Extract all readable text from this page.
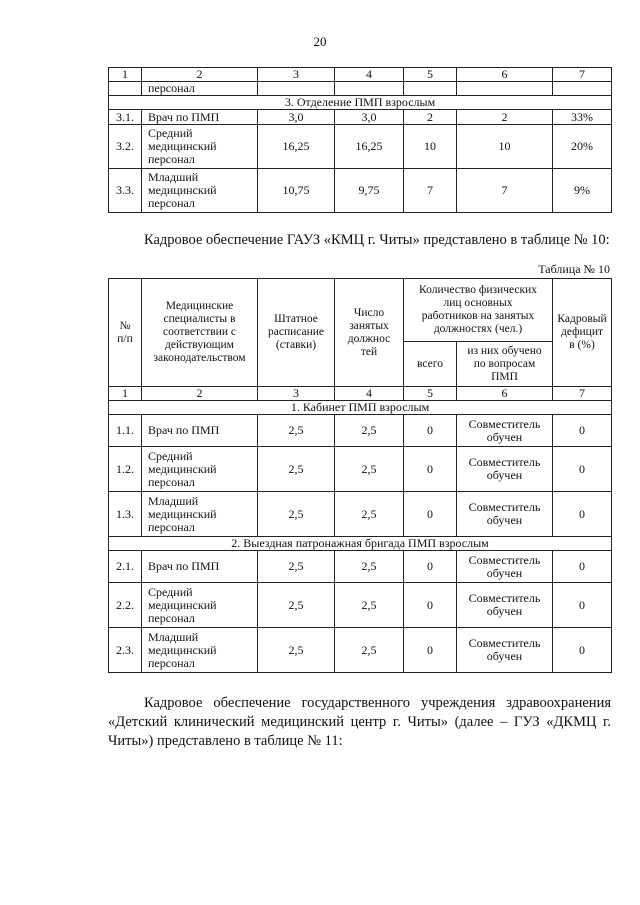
20
1	2	3	4	5	6	7
	персонал					
3. Отделение ПМП взрослым						
3.1.	Врач по ПМП	3,0	3,0	2	2	33%
3.2.	Средний
медицинский
персонал	16,25	16,25	10	10	20%
3.3.	Младший
медицинский
персонал	10,75	9,75	7	7	9%

Кадровое обеспечение ГАУЗ «КМЦ г. Читы» представлено в таблице № 10:

Таблица № 10
№
п/п	Медицинские
специалисты в
соответствии с
действующим
законодательством	Штатное
расписание
(ставки)	Число
занятых
должнос
тей	Количество физических
лиц основных
работников на занятых
должностях (чел.)		Кадровый
дефицит
в (%)
				всего	из них обучено
по вопросам
ПМП	
1	2	3	4	5	6	7
1. Кабинет ПМП взрослым						
1.1.	Врач по ПМП	2,5	2,5	0	Совместитель
обучен	0
1.2.	Средний
медицинский
персонал	2,5	2,5	0	Совместитель
обучен	0
1.3.	Младший
медицинский
персонал	2,5	2,5	0	Совместитель
обучен	0
2. Выездная патронажная бригада ПМП взрослым						
2.1.	Врач по ПМП	2,5	2,5	0	Совместитель
обучен	0
2.2.	Средний
медицинский
персонал	2,5	2,5	0	Совместитель
обучен	0
2.3.	Младший
медицинский
персонал	2,5	2,5	0	Совместитель
обучен	0

Кадровое обеспечение государственного учреждения здравоохранения «Детский клинический медицинский центр г. Читы» (далее – ГУЗ «ДКМЦ г. Читы») представлено в таблице № 11:
